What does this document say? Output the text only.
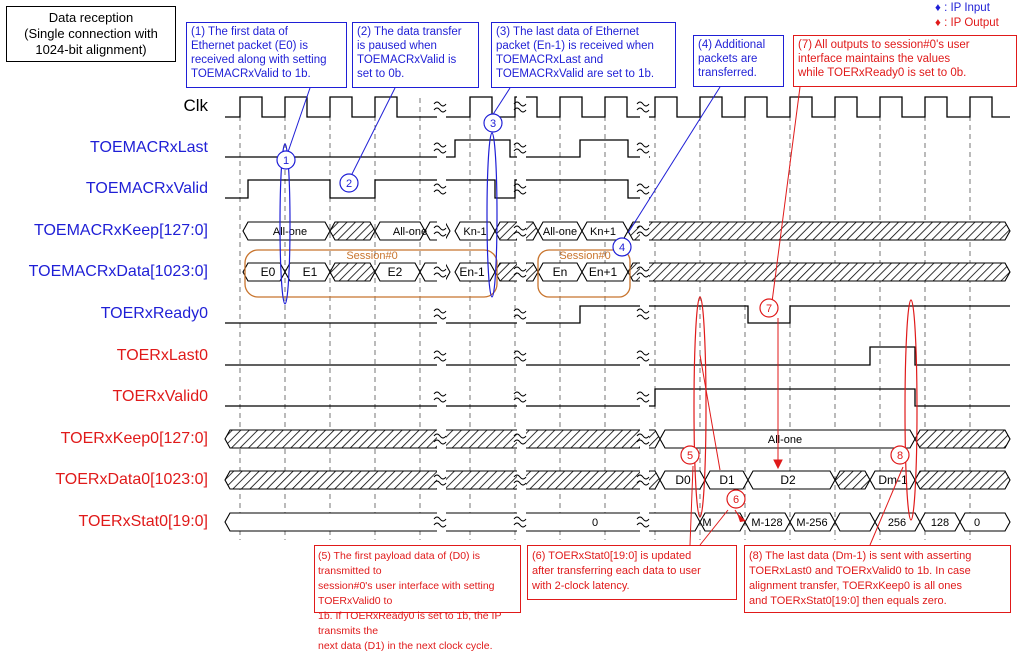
All-one	All-one	Kn-1	All-one Kn+1
E0 E1	E2	En-1	En En+1
Session#0	Session#0
All-one
D0 D1	D2	Dm-1
0	M	M-128 M-256	256 128 0
1
2
3
4
5
6
7
8
Data reception
(Single connection with
1024-bit alignment)
♦ : IP Input
♦ : IP Output
Clk
TOEMACRxLast
TOEMACRxValid
TOEMACRxKeep[127:0]
TOEMACRxData[1023:0]
TOERxReady0
TOERxLast0
TOERxValid0
TOERxKeep0[127:0]
TOERxData0[1023:0]
TOERxStat0[19:0]
(1) The first data of
Ethernet packet (E0) is
received along with setting
TOEMACRxValid to 1b.
(2) The data transfer
is paused when
TOEMACRxValid is
set to 0b.
(3) The last data of Ethernet
packet (En-1) is received when
TOEMACRxLast and
TOEMACRxValid are set to 1b.
(4) Additional
packets are
transferred.
(7) All outputs to session#0's user
interface maintains the values
while TOERxReady0 is set to 0b.
(5) The first payload data of (D0) is transmitted to
session#0's user interface with setting TOERxValid0 to
1b. If TOERxReady0 is set to 1b, the IP transmits the
next data (D1) in the next clock cycle.
(6) TOERxStat0[19:0] is updated
after transferring each data to user
with 2-clock latency.
(8) The last data (Dm-1) is sent with asserting
TOERxLast0 and TOERxValid0 to 1b. In case
alignment transfer, TOERxKeep0 is all ones
and TOERxStat0[19:0] then equals zero.
